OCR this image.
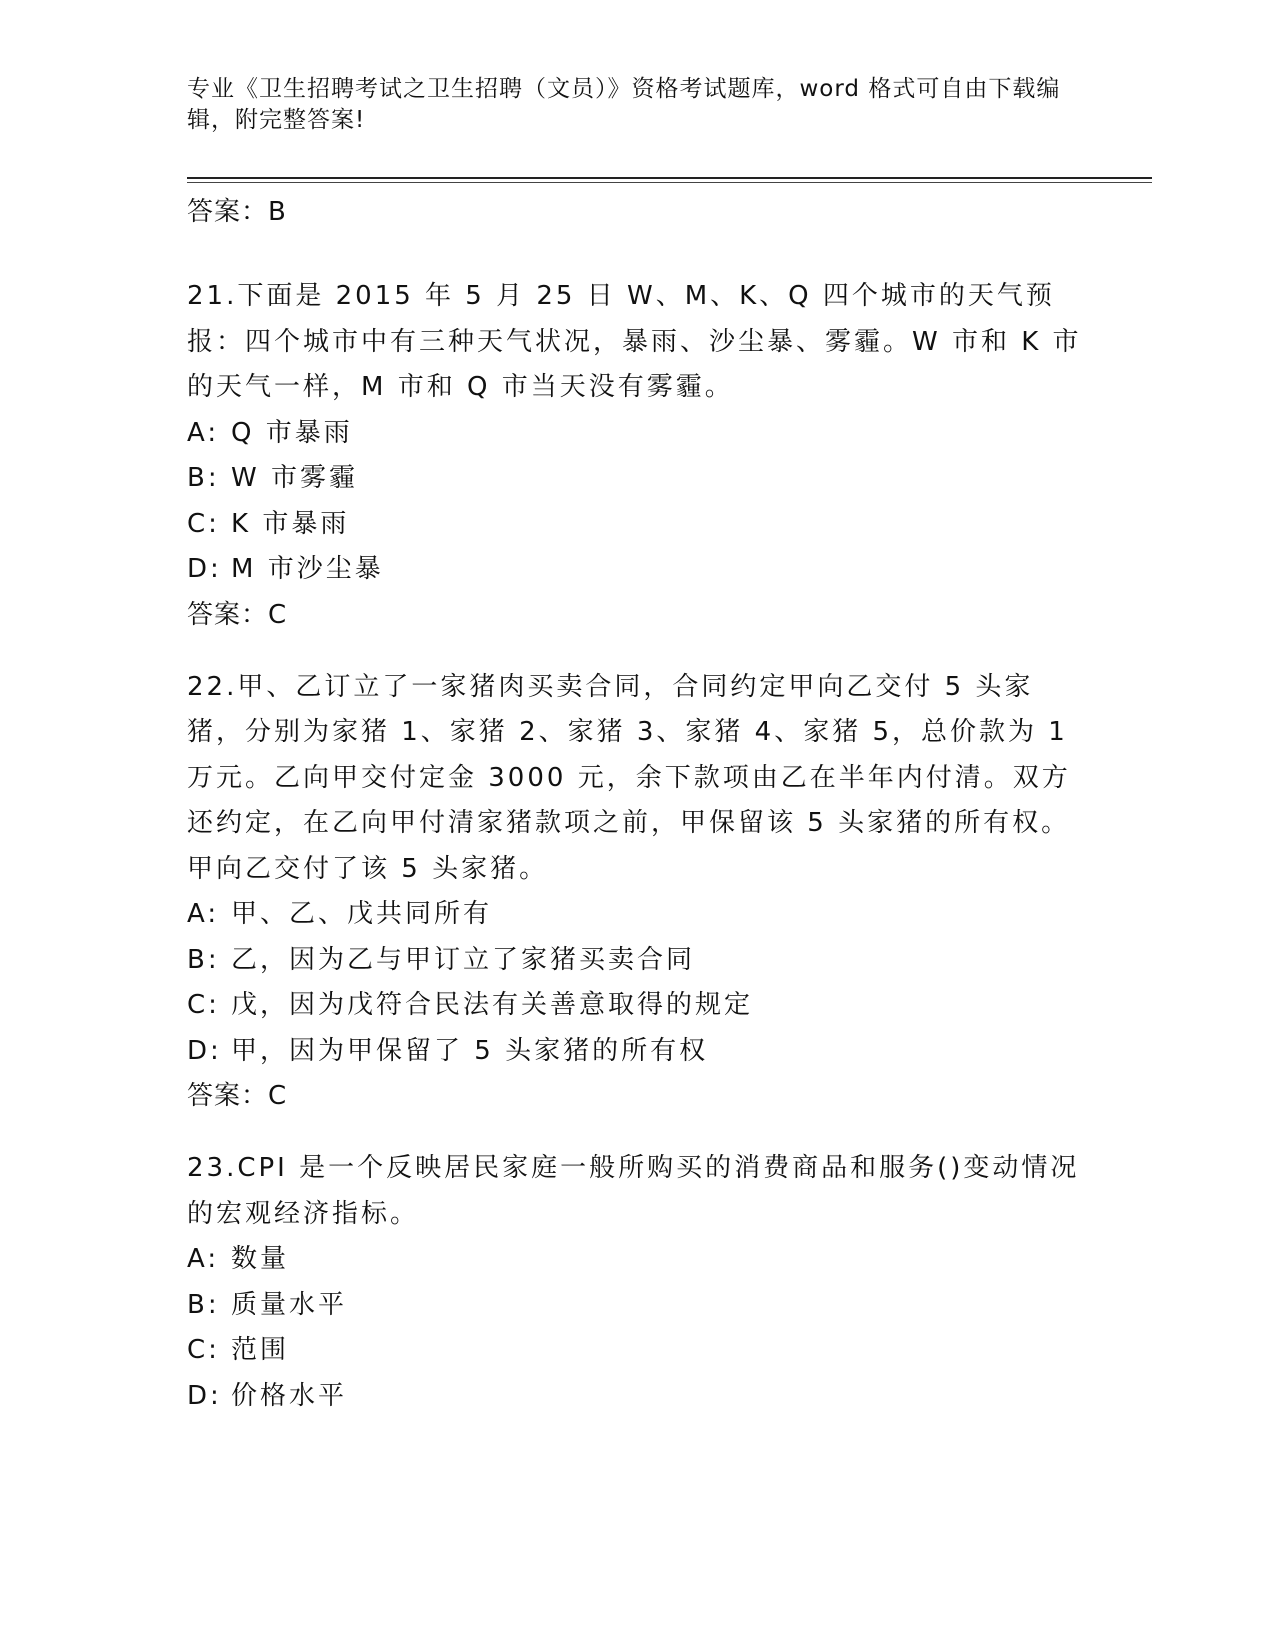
专业《卫生招聘考试之卫生招聘（文员）》资格考试题库，word 格式可自由下载编辑，附完整答案!
答案：B
21.下面是 2015 年 5 月 25 日 W、M、K、Q 四个城市的天气预报：四个城市中有三种天气状况，暴雨、沙尘暴、雾霾。W 市和 K 市的天气一样，M 市和 Q 市当天没有雾霾。
A: Q 市暴雨
B: W 市雾霾
C: K 市暴雨
D: M 市沙尘暴
答案：C
22.甲、乙订立了一家猪肉买卖合同，合同约定甲向乙交付 5 头家猪，分别为家猪 1、家猪 2、家猪 3、家猪 4、家猪 5，总价款为 1 万元。乙向甲交付定金 3000 元，余下款项由乙在半年内付清。双方还约定，在乙向甲付清家猪款项之前，甲保留该 5 头家猪的所有权。甲向乙交付了该 5 头家猪。
A: 甲、乙、戊共同所有
B: 乙，因为乙与甲订立了家猪买卖合同
C: 戊，因为戊符合民法有关善意取得的规定
D: 甲，因为甲保留了 5 头家猪的所有权
答案：C
23.CPI 是一个反映居民家庭一般所购买的消费商品和服务()变动情况的宏观经济指标。
A: 数量
B: 质量水平
C: 范围
D: 价格水平
